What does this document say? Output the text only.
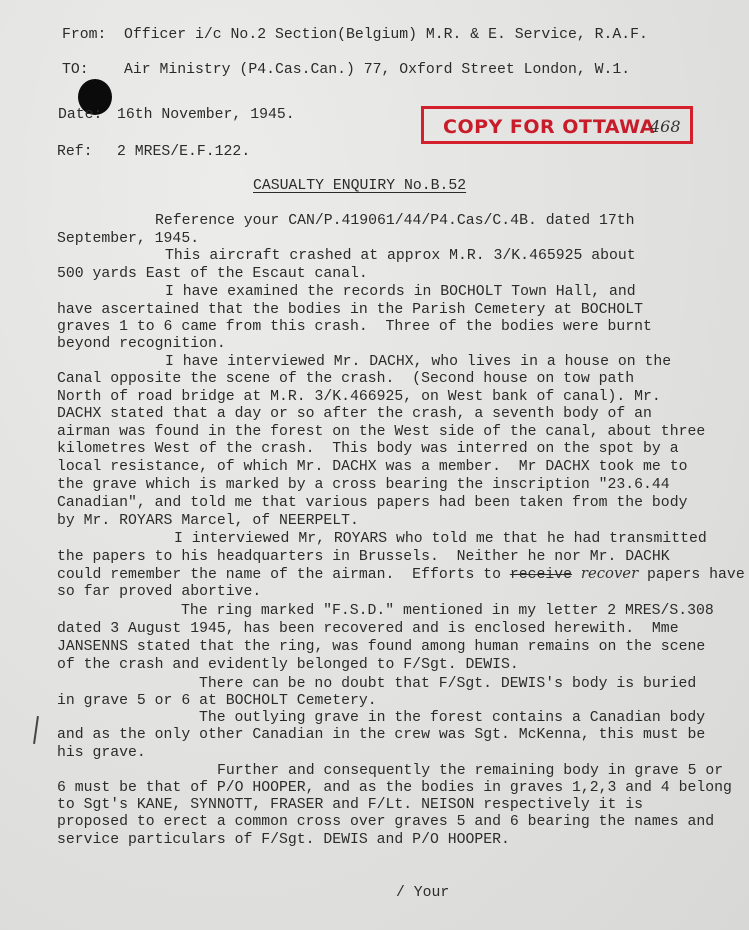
From: Officer i/c No.2 Section(Belgium) M.R. & E. Service, R.A.F.
TO: Air Ministry (P4.Cas.Can.) 77, Oxford Street London, W.1.
Date: 16th November, 1945.
Ref: 2 MRES/E.F.122.
COPY FOR OTTAWA
468
CASUALTY ENQUIRY No.B.52
Reference your CAN/P.419061/44/P4.Cas/C.4B. dated 17th
September, 1945.
This aircraft crashed at approx M.R. 3/K.465925 about
500 yards East of the Escaut canal.
I have examined the records in BOCHOLT Town Hall, and
have ascertained that the bodies in the Parish Cemetery at BOCHOLT
graves 1 to 6 came from this crash.  Three of the bodies were burnt
beyond recognition.
I have interviewed Mr. DACHX, who lives in a house on the
Canal opposite the scene of the crash.  (Second house on tow path
North of road bridge at M.R. 3/K.466925, on West bank of canal). Mr.
DACHX stated that a day or so after the crash, a seventh body of an
airman was found in the forest on the West side of the canal, about three
kilometres West of the crash.  This body was interred on the spot by a
local resistance, of which Mr. DACHX was a member.  Mr DACHX took me to
the grave which is marked by a cross bearing the inscription "23.6.44
Canadian", and told me that various papers had been taken from the body
by Mr. ROYARS Marcel, of NEERPELT.
I interviewed Mr, ROYARS who told me that he had transmitted
the papers to his headquarters in Brussels.  Neither he nor Mr. DACHK
could remember the name of the airman.  Efforts to receive recover papers have
so far proved abortive.
The ring marked "F.S.D." mentioned in my letter 2 MRES/S.308
dated 3 August 1945, has been recovered and is enclosed herewith.  Mme
JANSENNS stated that the ring, was found among human remains on the scene
of the crash and evidently belonged to F/Sgt. DEWIS.
There can be no doubt that F/Sgt. DEWIS's body is buried
in grave 5 or 6 at BOCHOLT Cemetery.
The outlying grave in the forest contains a Canadian body
and as the only other Canadian in the crew was Sgt. McKenna, this must be
his grave.
Further and consequently the remaining body in grave 5 or
6 must be that of P/O HOOPER, and as the bodies in graves 1,2,3 and 4 belong
to Sgt's KANE, SYNNOTT, FRASER and F/Lt. NEISON respectively it is
proposed to erect a common cross over graves 5 and 6 bearing the names and
service particulars of F/Sgt. DEWIS and P/O HOOPER.
/ Your
